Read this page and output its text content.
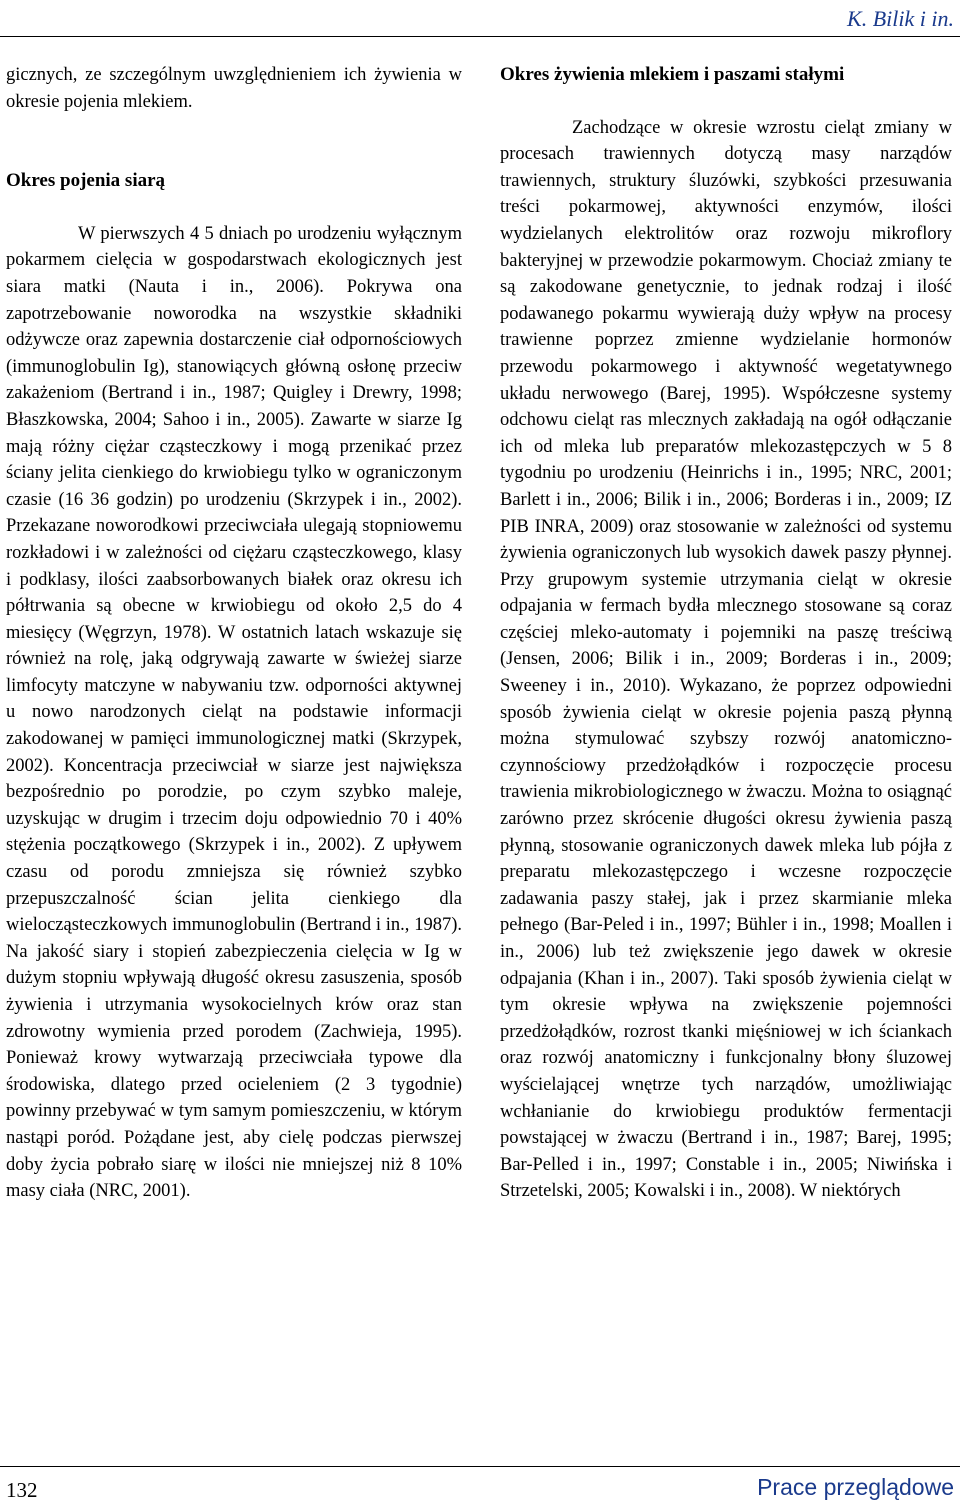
K. Bilik i in.

gicznych, ze szczególnym uwzględnieniem ich żywienia w okresie pojenia mlekiem.

Okres pojenia siarą

W pierwszych 4 5 dniach po urodzeniu wyłącznym pokarmem cielęcia w gospodarstwach ekologicznych jest siara matki (Nauta i in., 2006). Pokrywa ona zapotrzebowanie noworodka na wszystkie składniki odżywcze oraz zapewnia dostarczenie ciał odpornościowych (immunoglobulin Ig), stanowiących główną osłonę przeciw zakażeniom (Bertrand i in., 1987; Quigley i Drewry, 1998; Błaszkowska, 2004; Sahoo i in., 2005). Zawarte w siarze Ig mają różny ciężar cząsteczkowy i mogą przenikać przez ściany jelita cienkiego do krwiobiegu tylko w ograniczonym czasie (16 36 godzin) po urodzeniu (Skrzypek i in., 2002). Przekazane noworodkowi przeciwciała ulegają stopniowemu rozkładowi i w zależności od ciężaru cząsteczkowego, klasy i podklasy, ilości zaabsorbowanych białek oraz okresu ich półtrwania są obecne w krwiobiegu od około 2,5 do 4 miesięcy (Węgrzyn, 1978). W ostatnich latach wskazuje się również na rolę, jaką odgrywają zawarte w świeżej siarze limfocyty matczyne w nabywaniu tzw. odporności aktywnej u nowo narodzonych cieląt na podstawie informacji zakodowanej w pamięci immunologicznej matki (Skrzypek, 2002). Koncentracja przeciwciał w siarze jest największa bezpośrednio po porodzie, po czym szybko maleje, uzyskując w drugim i trzecim doju odpowiednio 70 i 40% stężenia początkowego (Skrzypek i in., 2002). Z upływem czasu od porodu zmniejsza się również szybko przepuszczalność ścian jelita cienkiego dla wielocząsteczkowych immunoglobulin (Bertrand i in., 1987). Na jakość siary i stopień zabezpieczenia cielęcia w Ig w dużym stopniu wpływają długość okresu zasuszenia, sposób żywienia i utrzymania wysokocielnych krów oraz stan zdrowotny wymienia przed porodem (Zachwieja, 1995). Ponieważ krowy wytwarzają przeciwciała typowe dla środowiska, dlatego przed ocieleniem (2 3 tygodnie) powinny przebywać w tym samym pomieszczeniu, w którym nastąpi poród. Pożądane jest, aby cielę podczas pierwszej doby życia pobrało siarę w ilości nie mniejszej niż 8 10% masy ciała (NRC, 2001).

Okres żywienia mlekiem i paszami stałymi

Zachodzące w okresie wzrostu cieląt zmiany w procesach trawiennych dotyczą masy narządów trawiennych, struktury śluzówki, szybkości przesuwania treści pokarmowej, aktywności enzymów, ilości wydzielanych elektrolitów oraz rozwoju mikroflory bakteryjnej w przewodzie pokarmowym. Chociaż zmiany te są zakodowane genetycznie, to jednak rodzaj i ilość podawanego pokarmu wywierają duży wpływ na procesy trawienne poprzez zmienne wydzielanie hormonów przewodu pokarmowego i aktywność wegetatywnego układu nerwowego (Barej, 1995). Współczesne systemy odchowu cieląt ras mlecznych zakładają na ogół odłączanie ich od mleka lub preparatów mlekozastępczych w 5 8 tygodniu po urodzeniu (Heinrichs i in., 1995; NRC, 2001; Barlett i in., 2006; Bilik i in., 2006; Borderas i in., 2009; IZ PIB INRA, 2009) oraz stosowanie w zależności od systemu żywienia ograniczonych lub wysokich dawek paszy płynnej. Przy grupowym systemie utrzymania cieląt w okresie odpajania w fermach bydła mlecznego stosowane są coraz częściej mleko-automaty i pojemniki na paszę treściwą (Jensen, 2006; Bilik i in., 2009; Borderas i in., 2009; Sweeney i in., 2010). Wykazano, że poprzez odpowiedni sposób żywienia cieląt w okresie pojenia paszą płynną można stymulować szybszy rozwój anatomiczno-czynnościowy przedżołądków i rozpoczęcie procesu trawienia mikrobiologicznego w żwaczu. Można to osiągnąć zarówno przez skrócenie długości okresu żywienia paszą płynną, stosowanie ograniczonych dawek mleka lub pójła z preparatu mlekozastępczego i wczesne rozpoczęcie zadawania paszy stałej, jak i przez skarmianie mleka pełnego (Bar-Peled i in., 1997; Bühler i in., 1998; Moallen i in., 2006) lub też zwiększenie jego dawek w okresie odpajania (Khan i in., 2007). Taki sposób żywienia cieląt w tym okresie wpływa na zwiększenie pojemności przedżołądków, rozrost tkanki mięśniowej w ich ściankach oraz rozwój anatomiczny i funkcjonalny błony śluzowej wyścielającej wnętrze tych narządów, umożliwiając wchłanianie do krwiobiegu produktów fermentacji powstającej w żwaczu (Bertrand i in., 1987; Barej, 1995; Bar-Pelled i in., 1997; Constable i in., 2005; Niwińska i Strzetelski, 2005; Kowalski i in., 2008). W niektórych

132	Prace przeglądowe
